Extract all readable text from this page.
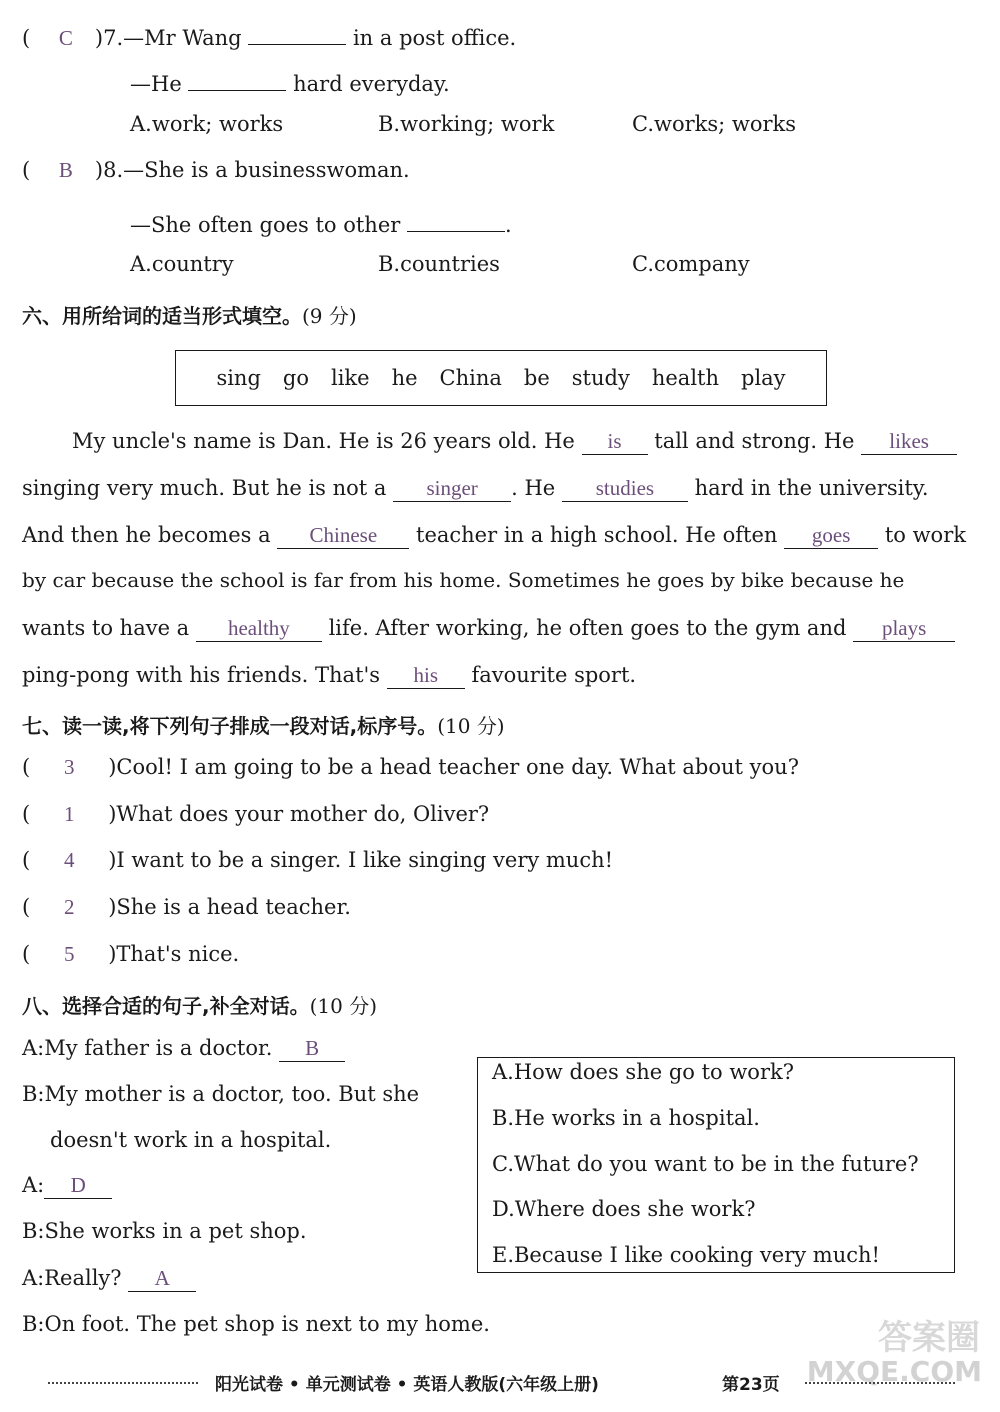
( C )7.—Mr Wang	in a post office.
—He	hard everyday.
A.work; works	B.working; work	C.works; works
( B )8.—She is a businesswoman.
—She often goes to other	.
A.country	B.countries	C.company
六、用所给词的适当形式填空。(9 分)
sing go like he China be study health play
My uncle's name is Dan. He is 26 years old. He is tall and strong. He likes
singing very much. But he is not a singer . He studies hard in the university.
And then he becomes a Chinese teacher in a high school. He often goes to work
by car because the school is far from his home. Sometimes he goes by bike because he
wants to have a healthy life. After working, he often goes to the gym and plays
ping-pong with his friends. That's his favourite sport.
七、读一读,将下列句子排成一段对话,标序号。(10 分)
( 3 )Cool! I am going to be a head teacher one day. What about you?
( 1 )What does your mother do, Oliver?
( 4 )I want to be a singer. I like singing very much!
( 2 )She is a head teacher.
( 5 )That's nice.
八、选择合适的句子,补全对话。(10 分)
A:My father is a doctor. B
B:My mother is a doctor, too. But she
doesn't work in a hospital.
A: D
B:She works in a pet shop.
A:Really? A
B:On foot. The pet shop is next to my home.
A.How does she go to work?
B.He works in a hospital.
C.What do you want to be in the future?
D.Where does she work?
E.Because I like cooking very much!
答案圈
MXQE.COM
阳光试卷 • 单元测试卷 • 英语人教版(六年级上册)	第23页
